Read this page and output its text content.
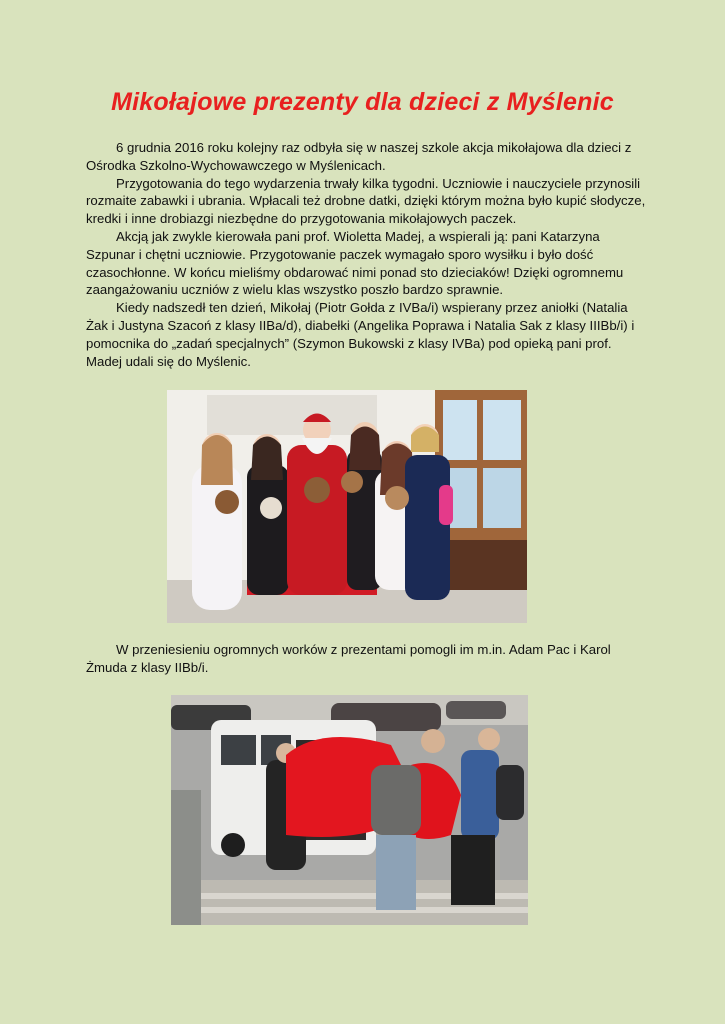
Mikołajowe prezenty dla dzieci z Myślenic

6 grudnia 2016 roku kolejny raz odbyła się w naszej szkole akcja mikołajowa dla dzieci z Ośrodka Szkolno-Wychowawczego w Myślenicach.

Przygotowania do tego wydarzenia trwały kilka tygodni. Uczniowie i nauczyciele przynosili rozmaite zabawki i ubrania. Wpłacali też drobne datki, dzięki którym można było kupić słodycze, kredki i inne drobiazgi niezbędne do przygotowania mikołajowych paczek.

Akcją jak zwykle kierowała pani prof. Wioletta Madej, a wspierali ją: pani Katarzyna Szpunar i chętni uczniowie. Przygotowanie paczek wymagało sporo wysiłku i było dość czasochłonne. W końcu mieliśmy obdarować nimi ponad sto dzieciaków! Dzięki ogromnemu zaangażowaniu uczniów z wielu klas wszystko poszło bardzo sprawnie.

Kiedy nadszedł ten dzień, Mikołaj (Piotr Gołda z IVBa/i) wspierany przez aniołki (Natalia Żak i Justyna Szacoń z klasy IIBa/d), diabełki (Angelika Poprawa i Natalia Sak z klasy IIIBb/i) i pomocnika do „zadań specjalnych” (Szymon Bukowski z klasy IVBa) pod opieką pani prof. Madej udali się do Myślenic.

W przeniesieniu ogromnych worków z prezentami pomogli im m.in. Adam Pac i Karol Żmuda z klasy IIBb/i.
